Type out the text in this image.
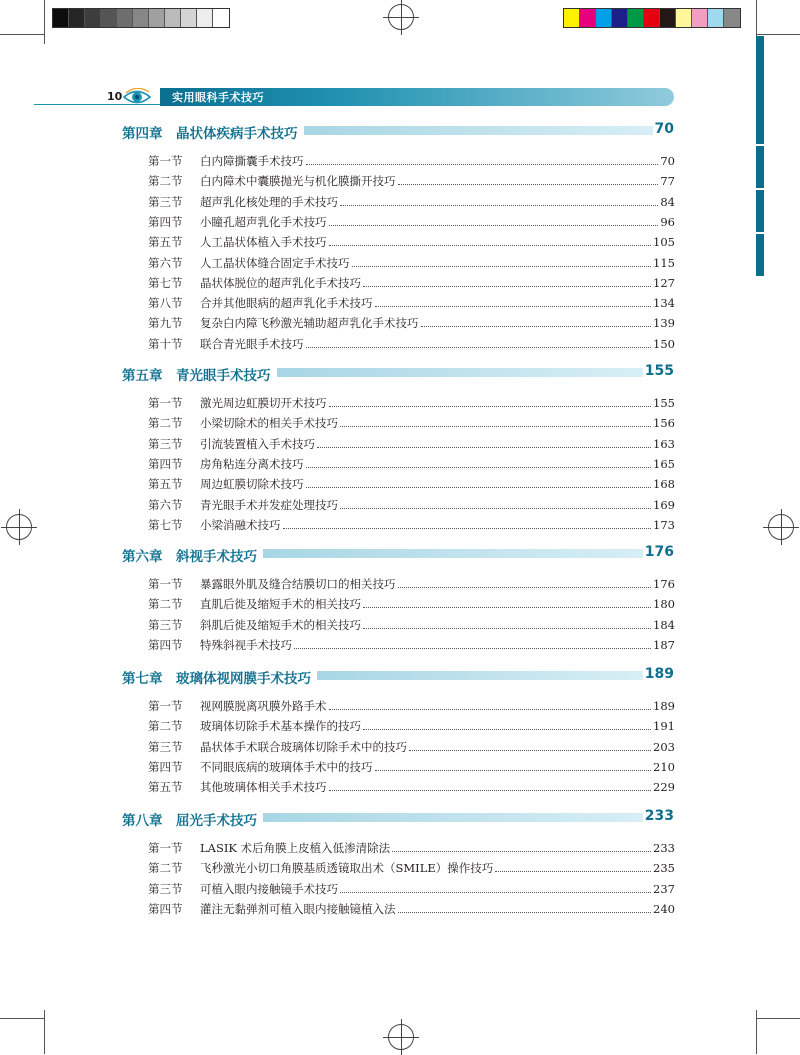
10	实用眼科手术技巧
第四章　晶状体疾病手术技巧	70
第一节	白内障撕囊手术技巧	70
第二节	白内障术中囊膜抛光与机化膜撕开技巧	77
第三节	超声乳化核处理的手术技巧	84
第四节	小瞳孔超声乳化手术技巧	96
第五节	人工晶状体植入手术技巧	105
第六节	人工晶状体缝合固定手术技巧	115
第七节	晶状体脱位的超声乳化手术技巧	127
第八节	合并其他眼病的超声乳化手术技巧	134
第九节	复杂白内障飞秒激光辅助超声乳化手术技巧	139
第十节	联合青光眼手术技巧	150
第五章　青光眼手术技巧	155
第一节	激光周边虹膜切开术技巧	155
第二节	小梁切除术的相关手术技巧	156
第三节	引流装置植入手术技巧	163
第四节	房角粘连分离术技巧	165
第五节	周边虹膜切除术技巧	168
第六节	青光眼手术并发症处理技巧	169
第七节	小梁消融术技巧	173
第六章　斜视手术技巧	176
第一节	暴露眼外肌及缝合结膜切口的相关技巧	176
第二节	直肌后徙及缩短手术的相关技巧	180
第三节	斜肌后徙及缩短手术的相关技巧	184
第四节	特殊斜视手术技巧	187
第七章　玻璃体视网膜手术技巧	189
第一节	视网膜脱离巩膜外路手术	189
第二节	玻璃体切除手术基本操作的技巧	191
第三节	晶状体手术联合玻璃体切除手术中的技巧	203
第四节	不同眼底病的玻璃体手术中的技巧	210
第五节	其他玻璃体相关手术技巧	229
第八章　屈光手术技巧	233
第一节	LASIK 术后角膜上皮植入低渗清除法	233
第二节	飞秒激光小切口角膜基质透镜取出术（SMILE）操作技巧	235
第三节	可植入眼内接触镜手术技巧	237
第四节	灌注无黏弹剂可植入眼内接触镜植入法	240
